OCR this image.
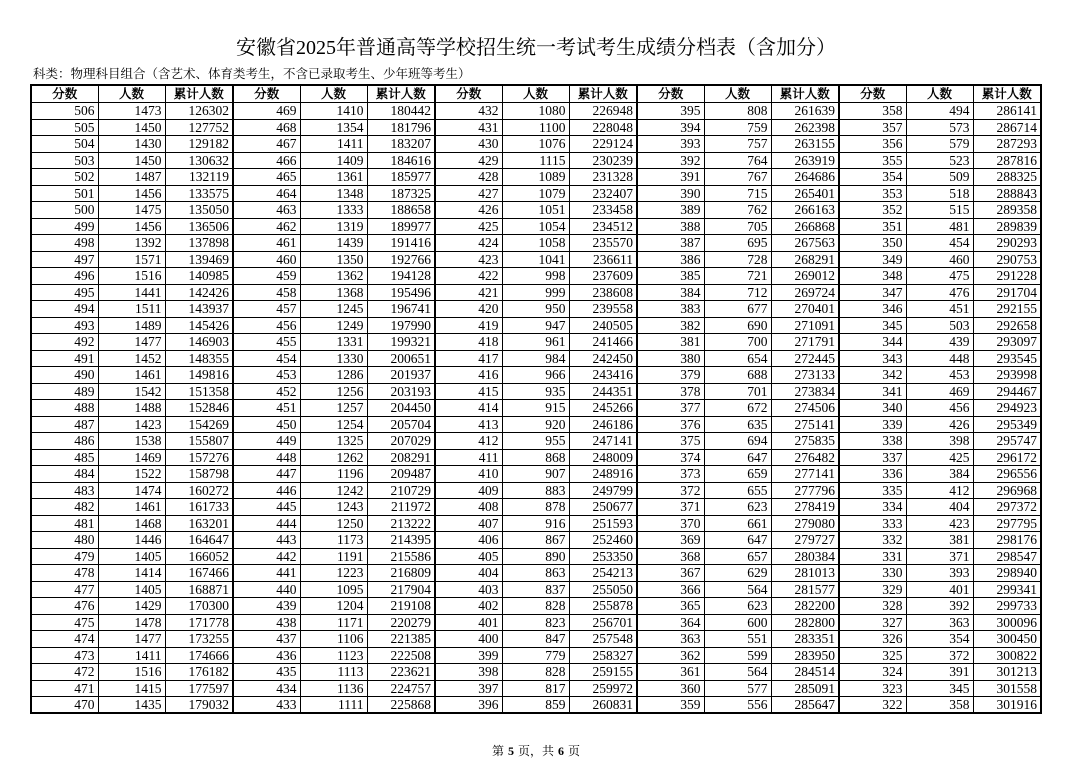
安徽省2025年普通高等学校招生统一考试考生成绩分档表（含加分）
科类：物理科目组合（含艺术、体育类考生，不含已录取考生、少年班等考生）
分数	人数	累计人数	分数	人数	累计人数	分数	人数	累计人数	分数	人数	累计人数	分数	人数	累计人数
506	1473	126302	469	1410	180442	432	1080	226948	395	808	261639	358	494	286141
505	1450	127752	468	1354	181796	431	1100	228048	394	759	262398	357	573	286714
504	1430	129182	467	1411	183207	430	1076	229124	393	757	263155	356	579	287293
503	1450	130632	466	1409	184616	429	1115	230239	392	764	263919	355	523	287816
502	1487	132119	465	1361	185977	428	1089	231328	391	767	264686	354	509	288325
501	1456	133575	464	1348	187325	427	1079	232407	390	715	265401	353	518	288843
500	1475	135050	463	1333	188658	426	1051	233458	389	762	266163	352	515	289358
499	1456	136506	462	1319	189977	425	1054	234512	388	705	266868	351	481	289839
498	1392	137898	461	1439	191416	424	1058	235570	387	695	267563	350	454	290293
497	1571	139469	460	1350	192766	423	1041	236611	386	728	268291	349	460	290753
496	1516	140985	459	1362	194128	422	998	237609	385	721	269012	348	475	291228
495	1441	142426	458	1368	195496	421	999	238608	384	712	269724	347	476	291704
494	1511	143937	457	1245	196741	420	950	239558	383	677	270401	346	451	292155
493	1489	145426	456	1249	197990	419	947	240505	382	690	271091	345	503	292658
492	1477	146903	455	1331	199321	418	961	241466	381	700	271791	344	439	293097
491	1452	148355	454	1330	200651	417	984	242450	380	654	272445	343	448	293545
490	1461	149816	453	1286	201937	416	966	243416	379	688	273133	342	453	293998
489	1542	151358	452	1256	203193	415	935	244351	378	701	273834	341	469	294467
488	1488	152846	451	1257	204450	414	915	245266	377	672	274506	340	456	294923
487	1423	154269	450	1254	205704	413	920	246186	376	635	275141	339	426	295349
486	1538	155807	449	1325	207029	412	955	247141	375	694	275835	338	398	295747
485	1469	157276	448	1262	208291	411	868	248009	374	647	276482	337	425	296172
484	1522	158798	447	1196	209487	410	907	248916	373	659	277141	336	384	296556
483	1474	160272	446	1242	210729	409	883	249799	372	655	277796	335	412	296968
482	1461	161733	445	1243	211972	408	878	250677	371	623	278419	334	404	297372
481	1468	163201	444	1250	213222	407	916	251593	370	661	279080	333	423	297795
480	1446	164647	443	1173	214395	406	867	252460	369	647	279727	332	381	298176
479	1405	166052	442	1191	215586	405	890	253350	368	657	280384	331	371	298547
478	1414	167466	441	1223	216809	404	863	254213	367	629	281013	330	393	298940
477	1405	168871	440	1095	217904	403	837	255050	366	564	281577	329	401	299341
476	1429	170300	439	1204	219108	402	828	255878	365	623	282200	328	392	299733
475	1478	171778	438	1171	220279	401	823	256701	364	600	282800	327	363	300096
474	1477	173255	437	1106	221385	400	847	257548	363	551	283351	326	354	300450
473	1411	174666	436	1123	222508	399	779	258327	362	599	283950	325	372	300822
472	1516	176182	435	1113	223621	398	828	259155	361	564	284514	324	391	301213
471	1415	177597	434	1136	224757	397	817	259972	360	577	285091	323	345	301558
470	1435	179032	433	1111	225868	396	859	260831	359	556	285647	322	358	301916
第 5 页，共 6 页
